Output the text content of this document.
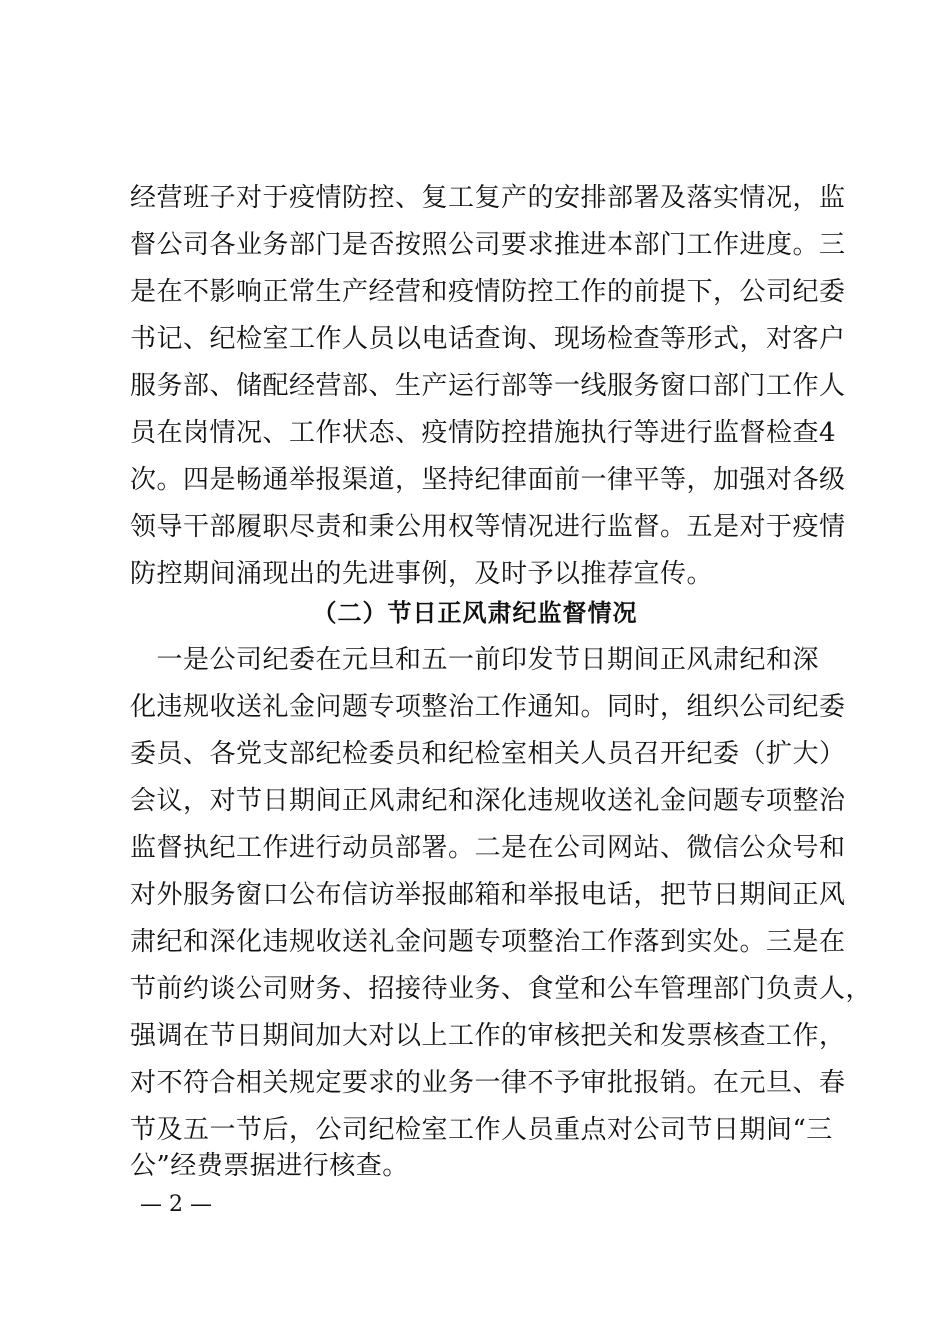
经营班子对于疫情防控、复工复产的安排部署及落实情况，监
督公司各业务部门是否按照公司要求推进本部门工作进度。三
是在不影响正常生产经营和疫情防控工作的前提下，公司纪委
书记、纪检室工作人员以电话查询、现场检查等形式，对客户
服务部、储配经营部、生产运行部等一线服务窗口部门工作人
员在岗情况、工作状态、疫情防控措施执行等进行监督检查4
次。四是畅通举报渠道，坚持纪律面前一律平等，加强对各级
领导干部履职尽责和秉公用权等情况进行监督。五是对于疫情
防控期间涌现出的先进事例，及时予以推荐宣传。
（二）节日正风肃纪监督情况
　一是公司纪委在元旦和五一前印发节日期间正风肃纪和深
化违规收送礼金问题专项整治工作通知。同时，组织公司纪委
委员、各党支部纪检委员和纪检室相关人员召开纪委（扩大）
会议，对节日期间正风肃纪和深化违规收送礼金问题专项整治
监督执纪工作进行动员部署。二是在公司网站、微信公众号和
对外服务窗口公布信访举报邮箱和举报电话，把节日期间正风
肃纪和深化违规收送礼金问题专项整治工作落到实处。三是在
节前约谈公司财务、招接待业务、食堂和公车管理部门负责人，
强调在节日期间加大对以上工作的审核把关和发票核查工作，
对不符合相关规定要求的业务一律不予审批报销。在元旦、春
节及五一节后，公司纪检室工作人员重点对公司节日期间“三
公”经费票据进行核查。
— 2 —
